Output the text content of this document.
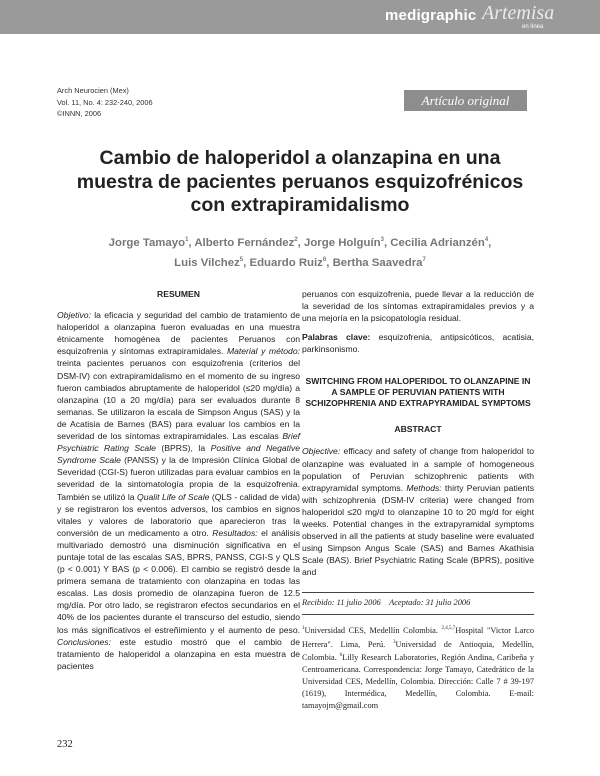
medigraphic Artemisa
en línea
Arch Neurocien (Mex)
Vol. 11, No. 4: 232-240, 2006
©INNN, 2006
Artículo original
Cambio de haloperidol a olanzapina en una muestra de pacientes peruanos esquizofrénicos con extrapiramidalismo
Jorge Tamayo$^1$, Alberto Fernández$^2$, Jorge Holguín$^3$, Cecilia Adrianzén$^4$,
Luis Vilchez$^5$, Eduardo Ruiz$^6$, Bertha Saavedra$^7$
RESUMEN

Objetivo: la eficacia y seguridad del cambio de tratamiento de haloperidol a olanzapina fueron evaluadas en una muestra étnicamente homogénea de pacientes Peruanos con esquizofrenia y síntomas extrapiramidales. Material y método: treinta pacientes peruanos con esquizofrenia (criterios del DSM-IV) con extrapiramidalismo en el momento de su ingreso fueron cambiados abruptamente de haloperidol (≤20 mg/día) a olanzapina (10 a 20 mg/día) para ser evaluados durante 8 semanas. Se utilizaron la escala de Simpson Angus (SAS) y la de Acatisia de Barnes (BAS) para evaluar los cambios en la severidad de los síntomas extrapiramidales. Las escalas Brief Psychiatric Rating Scale (BPRS), la Positive and Negative Syndrome Scale (PANSS) y la de Impresión Clínica Global de Severidad (CGI-S) fueron utilizadas para evaluar cambios en la severidad de la sintomatología propia de la esquizofrenia. También se utilizó la Qualit Life of Scale (QLS - calidad de vida) y se registraron los eventos adversos, los cambios en signos vitales y valores de laboratorio que aparecieron tras la conversión de un medicamento a otro. Resultados: el análisis multivariado demostró una disminución significativa en el puntaje total de las escalas SAS, BPRS, PANSS, CGI-S y QLS (p < 0.001) Y BAS (p < 0.006). El cambio se registró desde la primera semana de tratamiento con olanzapina en todas las escalas. Las dosis promedio de olanzapina fueron de 12.5 mg/día. Por otro lado, se registraron efectos secundarios en el 40% de los pacientes durante el transcurso del estudio, siendo los más significativos el estreñimiento y el aumento de peso. Conclusiones: este estudio mostró que el cambio de tratamiento de haloperidol a olanzapina en esta muestra de pacientes

peruanos con esquizofrenia, puede llevar a la reducción de la severidad de los síntomas extrapiramidales previos y a una mejoría en la psicopatología residual.

Palabras clave: esquizofrenia, antipsicóticos, acatisia, parkinsonismo.

SWITCHING FROM HALOPERIDOL TO OLANZAPINE IN A SAMPLE OF PERUVIAN PATIENTS WITH SCHIZOPHRENIA AND EXTRAPYRAMIDAL SYMPTOMS
ABSTRACT

Objective: efficacy and safety of change from haloperidol to olanzapine was evaluated in a sample of homogeneous population of Peruvian schizophrenic patients with extrapyramidal symptoms. Methods: thirty Peruvian patients with schizophrenia (DSM-IV criteria) were changed from haloperidol ≤20 mg/d to olanzapine 10 to 20 mg/d for eight weeks. Potential changes in the extrapyramidal symptoms observed in all the patients at study baseline were evaluated using Simpson Angus Scale (SAS) and Barnes Akathisia Scale (BAS). Brief Psychiatric Rating Scale (BPRS), positive and

Recibido: 11 julio 2006 Aceptado: 31 julio 2006
$^1$Universidad CES, Medellín Colombia. $^{2,4,5,7}$Hospital "Victor Larco Herrera". Lima, Perú. $^3$Universidad de Antioquia, Medellín, Colombia. $^6$Lilly Research Laboratories, Región Andina, Caribeña y Centroamericana. Correspondencia: Jorge Tamayo, Catedrático de la Universidad CES, Medellín, Colombia. Dirección: Calle 7 # 39-197 (1619), Intermédica, Medellín, Colombia. E-mail: tamayojm@gmail.com
232
